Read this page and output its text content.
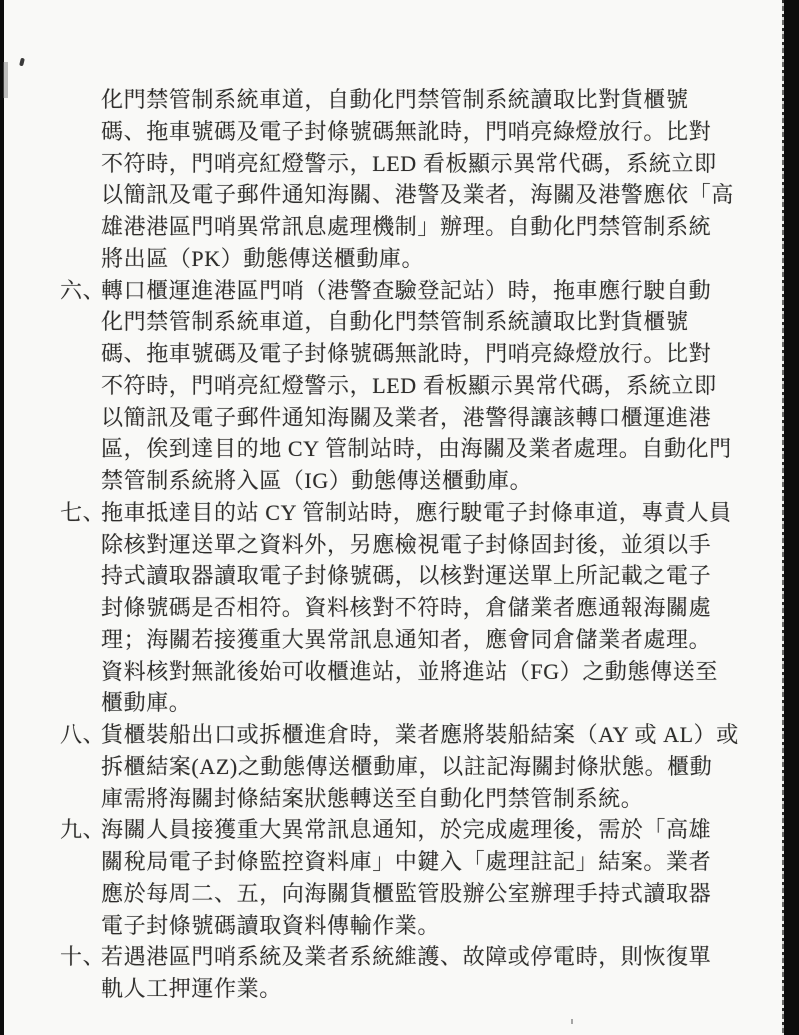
化門禁管制系統車道，自動化門禁管制系統讀取比對貨櫃號
碼、拖車號碼及電子封條號碼無訛時，門哨亮綠燈放行。比對
不符時，門哨亮紅燈警示，LED 看板顯示異常代碼，系統立即
以簡訊及電子郵件通知海關、港警及業者，海關及港警應依「高
雄港港區門哨異常訊息處理機制」辦理。自動化門禁管制系統
將出區（PK）動態傳送櫃動庫。
六、
轉口櫃運進港區門哨（港警查驗登記站）時，拖車應行駛自動
化門禁管制系統車道，自動化門禁管制系統讀取比對貨櫃號
碼、拖車號碼及電子封條號碼無訛時，門哨亮綠燈放行。比對
不符時，門哨亮紅燈警示，LED 看板顯示異常代碼，系統立即
以簡訊及電子郵件通知海關及業者，港警得讓該轉口櫃運進港
區，俟到達目的地 CY 管制站時，由海關及業者處理。自動化門
禁管制系統將入區（IG）動態傳送櫃動庫。
七、
拖車抵達目的站 CY 管制站時，應行駛電子封條車道，專責人員
除核對運送單之資料外，另應檢視電子封條固封後，並須以手
持式讀取器讀取電子封條號碼，以核對運送單上所記載之電子
封條號碼是否相符。資料核對不符時，倉儲業者應通報海關處
理；海關若接獲重大異常訊息通知者，應會同倉儲業者處理。
資料核對無訛後始可收櫃進站，並將進站（FG）之動態傳送至
櫃動庫。
八、
貨櫃裝船出口或拆櫃進倉時，業者應將裝船結案（AY 或 AL）或
拆櫃結案(AZ)之動態傳送櫃動庫，以註記海關封條狀態。櫃動
庫需將海關封條結案狀態轉送至自動化門禁管制系統。
九、
海關人員接獲重大異常訊息通知，於完成處理後，需於「高雄
關稅局電子封條監控資料庫」中鍵入「處理註記」結案。業者
應於每周二、五，向海關貨櫃監管股辦公室辦理手持式讀取器
電子封條號碼讀取資料傳輸作業。
十、
若遇港區門哨系統及業者系統維護、故障或停電時，則恢復單
軌人工押運作業。
